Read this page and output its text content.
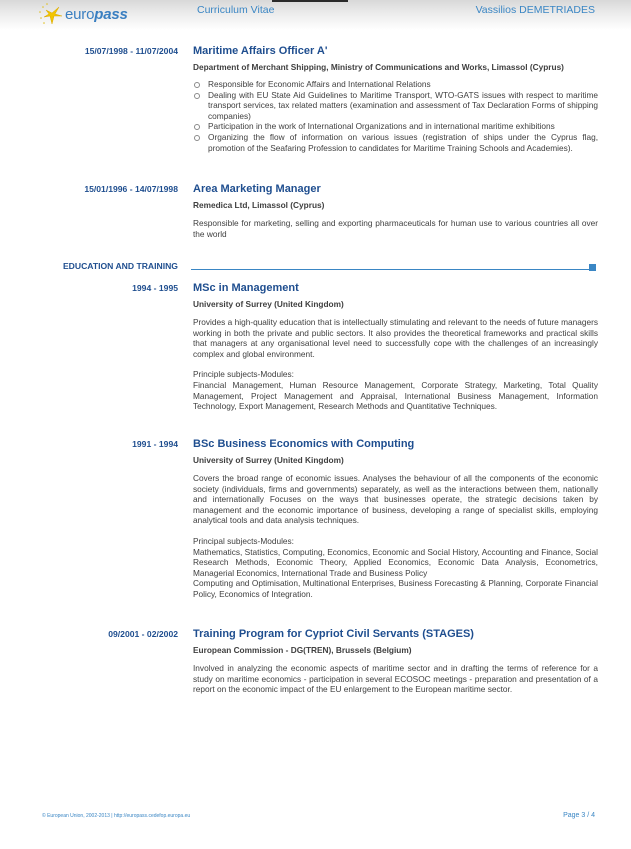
europass	Curriculum Vitae	Vassilios DEMETRIADES
15/07/1998 - 11/07/2004 Maritime Affairs Officer A'
Department of Merchant Shipping, Ministry of Communications and Works, Limassol (Cyprus)
Responsible for Economic Affairs and International Relations
Dealing with EU State Aid Guidelines to Maritime Transport, WTO-GATS issues with respect to maritime transport services, tax related matters (examination and assessment of Tax Declaration Forms of shipping companies)
Participation in the work of International Organizations and in international maritime exhibitions
Organizing the flow of information on various issues (registration of ships under the Cyprus flag, promotion of the Seafaring Profession to candidates for Maritime Training Schools and Academies).
15/01/1996 - 14/07/1998 Area Marketing Manager
Remedica Ltd, Limassol (Cyprus)
Responsible for marketing, selling and exporting pharmaceuticals for human use to various countries all over the world
EDUCATION AND TRAINING
1994 - 1995 MSc in Management
University of Surrey (United Kingdom)
Provides a high-quality education that is intellectually stimulating and relevant to the needs of future managers working in both the private and public sectors. It also provides the theoretical frameworks and practical skills that managers at any organisational level need to successfully cope with the challenges of an increasingly complex and global environment.
Principle subjects-Modules:
Financial Management, Human Resource Management, Corporate Strategy, Marketing, Total Quality Management, Project Management and Appraisal, International Business Management, Information Technology, Export Management, Research Methods and Quantitative Techniques.
1991 - 1994 BSc Business Economics with Computing
University of Surrey (United Kingdom)
Covers the broad range of economic issues. Analyses the behaviour of all the components of the economic society (individuals, firms and governments) separately, as well as the interactions between them, nationally and internationally Focuses on the ways that businesses operate, the strategic decisions taken by management and the economic importance of business, developing a range of specialist skills, employing analytical tools and data analysis techniques.
Principal subjects-Modules:
Mathematics, Statistics, Computing, Economics, Economic and Social History, Accounting and Finance, Social Research Methods, Economic Theory, Applied Economics, Economic Data Analysis, Econometrics, Managerial Economics, International Trade and Business Policy
Computing and Optimisation, Multinational Enterprises, Business Forecasting & Planning, Corporate Financial Policy, Economics of Integration.
09/2001 - 02/2002 Training Program for Cypriot Civil Servants (STAGES)
European Commission - DG(TREN), Brussels (Belgium)
Involved in analyzing the economic aspects of maritime sector and in drafting the terms of reference for a study on maritime economics - participation in several ECOSOC meetings - preparation and presentation of a report on the economic impact of the EU enlargement to the European maritime sector.
© European Union, 2002-2013 | http://europass.cedefop.europa.eu	Page 3 / 4
